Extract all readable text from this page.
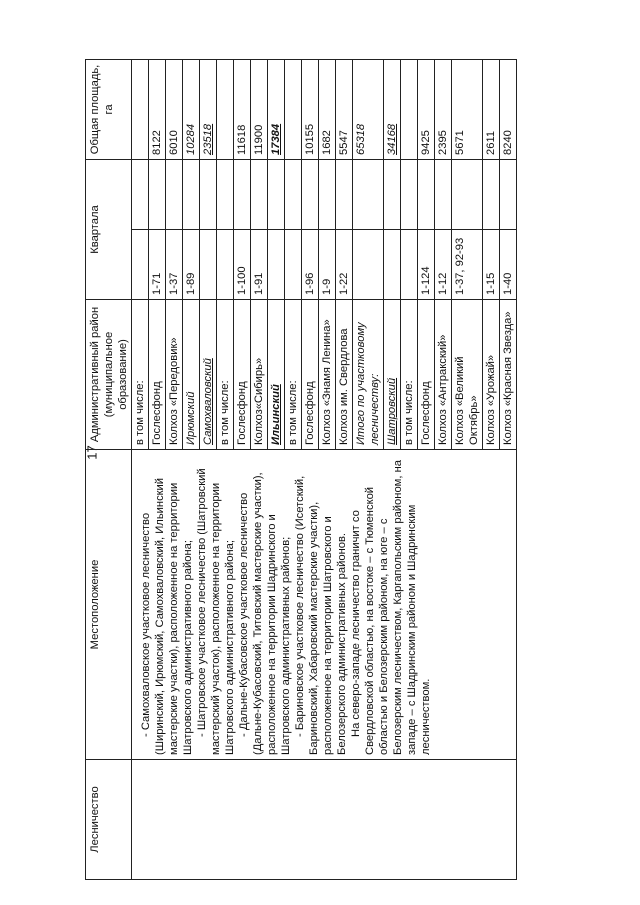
17
Лесничество	Местоположение	Административный район (муниципальное образование)	Квартала		Общая площадь, га

	- Самохваловское участковое лесничество (Ширинский, Ирюмский, Самохваловский, Ильинский мастерские участки), расположенное на территории Шатровского административного района; - Шатровское участковое лесничество (Шатровский мастерский участок), расположенное на территории Шатровского административного района; - Дальне-Кубасовское участковое лесничество (Дальне-Кубасовский, Титовский мастерские участки), расположенное на территории Шадринского и Шатровского административных районов; - Бариновское участковое лесничество (Исетский, Бариновский, Хабаровский мастерские участки), расположенное на территории Шатровского и Белозерского административных районов. На северо-западе лесничество граничит со Свердловской областью, на востоке – с Тюменской областью и Белозерским районом, на юге – с Белозерским лесничеством, Каргапольским районом, на западе – с Шадринским районом и Шадринским лесничеством.	в том числе:			
		Гослесфонд	1-71		8122
		Колхоз «Передовик»	1-37		6010
		Ирюмский	1-89		10284
		Самохваловский			23518
		в том числе:			
		Гослесфонд	1-100		11618
		Колхоз«Сибирь»	1-91		11900
		Ильинский			17384
		в том числе:			
		Гослесфонд	1-96		10155
		Колхоз «Знамя Ленина»	1-9		1682
		Колхоз им. Свердлова	1-22		5547
		Итого по участковому лесничеству:			65318
		Шатровский			34168
		в том числе:			
		Гослесфонд	1-124		9425
		Колхоз «Антракский»	1-12		2395
		Колхоз «Великий Октябрь»	1-37, 92-93		5671
		Колхоз «Урожай»	1-15		2611
		Колхоз «Красная Звезда»	1-40		8240
